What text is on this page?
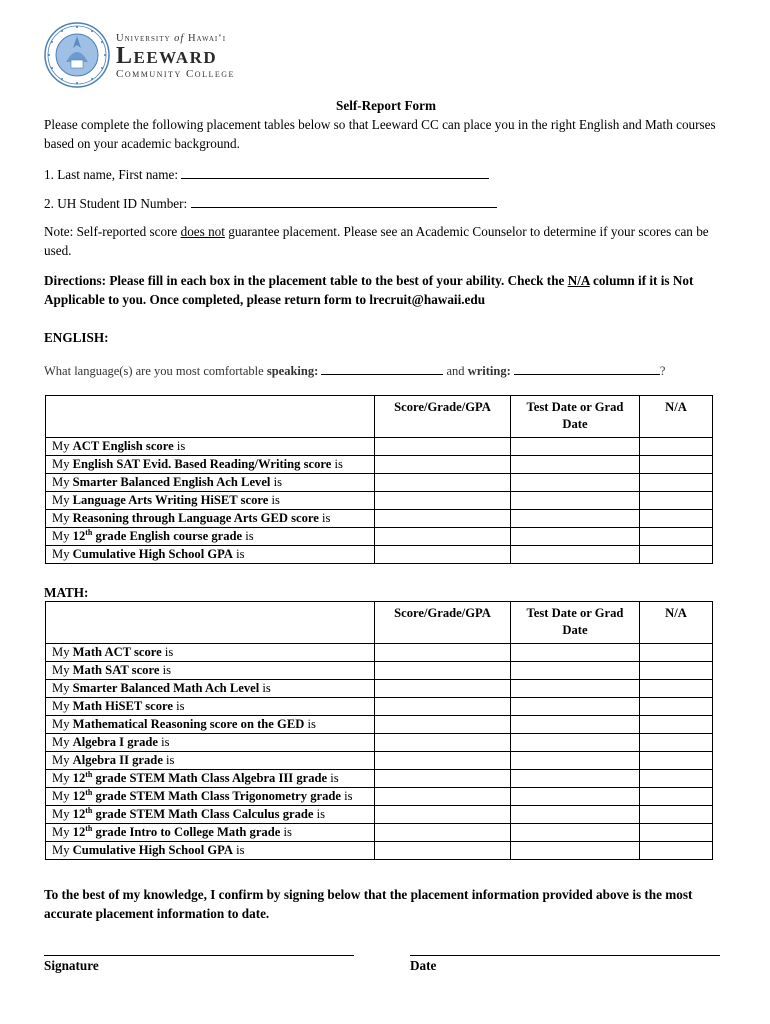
University of Hawaiʻi
Leeward
Community College
Self-Report Form
Please complete the following placement tables below so that Leeward CC can place you in the right English and Math courses based on your academic background.
1. Last name, First name:
2. UH Student ID Number:
Note: Self-reported score does not guarantee placement. Please see an Academic Counselor to determine if your scores can be used.
Directions: Please fill in each box in the placement table to the best of your ability. Check the N/A column if it is Not Applicable to you. Once completed, please return form to lrecruit@hawaii.edu
ENGLISH:
What language(s) are you most comfortable speaking:	and writing:	?
	Score/Grade/GPA	Test Date or Grad Date	N/A
My ACT English score is			
My English SAT Evid. Based Reading/Writing score is			
My Smarter Balanced English Ach Level is			
My Language Arts Writing HiSET score is			
My Reasoning through Language Arts GED score is			
My 12th grade English course grade is			
My Cumulative High School GPA is			
MATH:
	Score/Grade/GPA	Test Date or Grad Date	N/A
My Math ACT score is			
My Math SAT score is			
My Smarter Balanced Math Ach Level is			
My Math HiSET score is			
My Mathematical Reasoning score on the GED is			
My Algebra I grade is			
My Algebra II grade is			
My 12th grade STEM Math Class Algebra III grade is			
My 12th grade STEM Math Class Trigonometry grade is			
My 12th grade STEM Math Class Calculus grade is			
My 12th grade Intro to College Math grade is			
My Cumulative High School GPA is			
To the best of my knowledge, I confirm by signing below that the placement information provided above is the most accurate placement information to date.
Signature	Date
